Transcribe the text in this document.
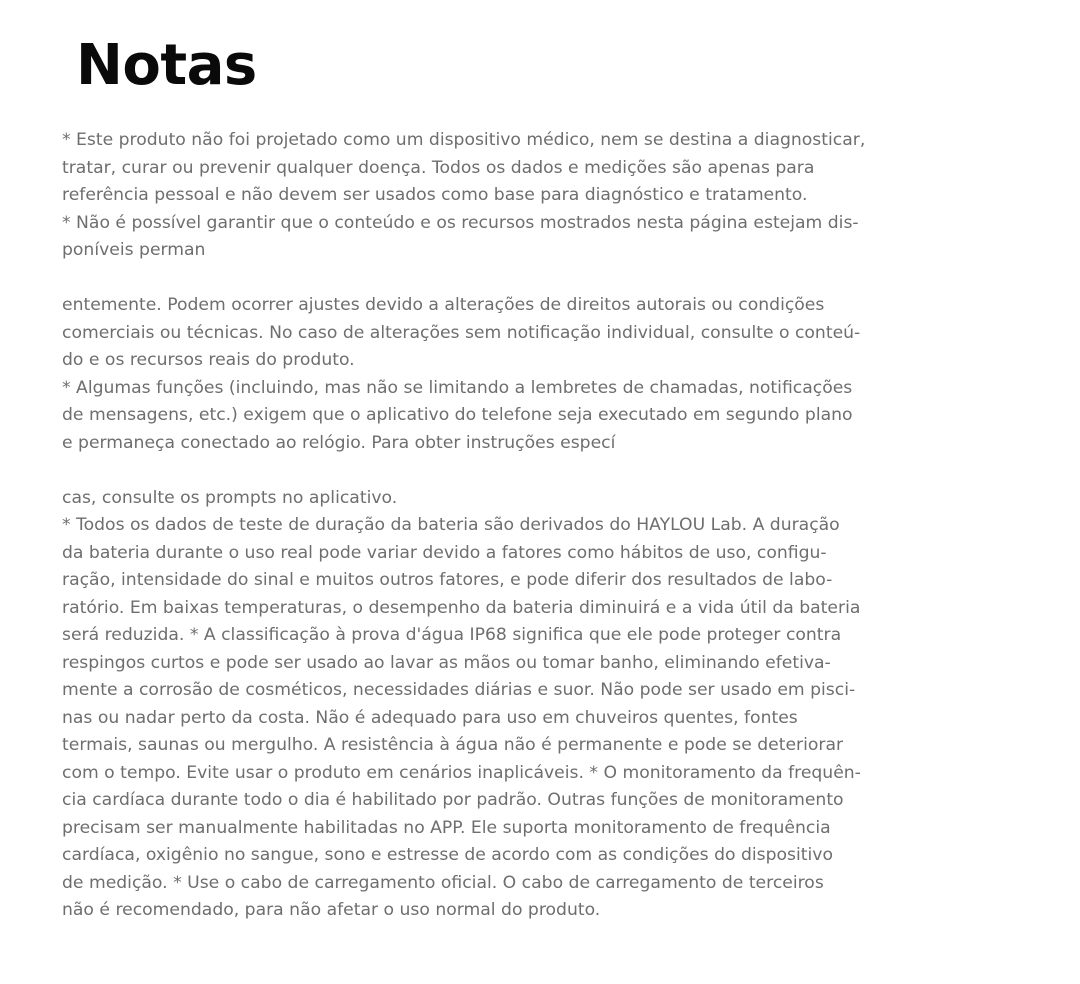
Notas
* Este produto não foi projetado como um dispositivo médico, nem se destina a diagnosticar,
tratar, curar ou prevenir qualquer doença. Todos os dados e medições são apenas para
referência pessoal e não devem ser usados como base para diagnóstico e tratamento.
* Não é possível garantir que o conteúdo e os recursos mostrados nesta página estejam dis-
poníveis perman
entemente. Podem ocorrer ajustes devido a alterações de direitos autorais ou condições
comerciais ou técnicas. No caso de alterações sem notificação individual, consulte o conteú-
do e os recursos reais do produto.
* Algumas funções (incluindo, mas não se limitando a lembretes de chamadas, notificações
de mensagens, etc.) exigem que o aplicativo do telefone seja executado em segundo plano
e permaneça conectado ao relógio. Para obter instruções especí
cas, consulte os prompts no aplicativo.
* Todos os dados de teste de duração da bateria são derivados do HAYLOU Lab. A duração
da bateria durante o uso real pode variar devido a fatores como hábitos de uso, configu-
ração, intensidade do sinal e muitos outros fatores, e pode diferir dos resultados de labo-
ratório. Em baixas temperaturas, o desempenho da bateria diminuirá e a vida útil da bateria
será reduzida. * A classificação à prova d'água IP68 significa que ele pode proteger contra
respingos curtos e pode ser usado ao lavar as mãos ou tomar banho, eliminando efetiva-
mente a corrosão de cosméticos, necessidades diárias e suor. Não pode ser usado em pisci-
nas ou nadar perto da costa. Não é adequado para uso em chuveiros quentes, fontes
termais, saunas ou mergulho. A resistência à água não é permanente e pode se deteriorar
com o tempo. Evite usar o produto em cenários inaplicáveis. * O monitoramento da frequên-
cia cardíaca durante todo o dia é habilitado por padrão. Outras funções de monitoramento
precisam ser manualmente habilitadas no APP. Ele suporta monitoramento de frequência
cardíaca, oxigênio no sangue, sono e estresse de acordo com as condições do dispositivo
de medição. * Use o cabo de carregamento oficial. O cabo de carregamento de terceiros
não é recomendado, para não afetar o uso normal do produto.
